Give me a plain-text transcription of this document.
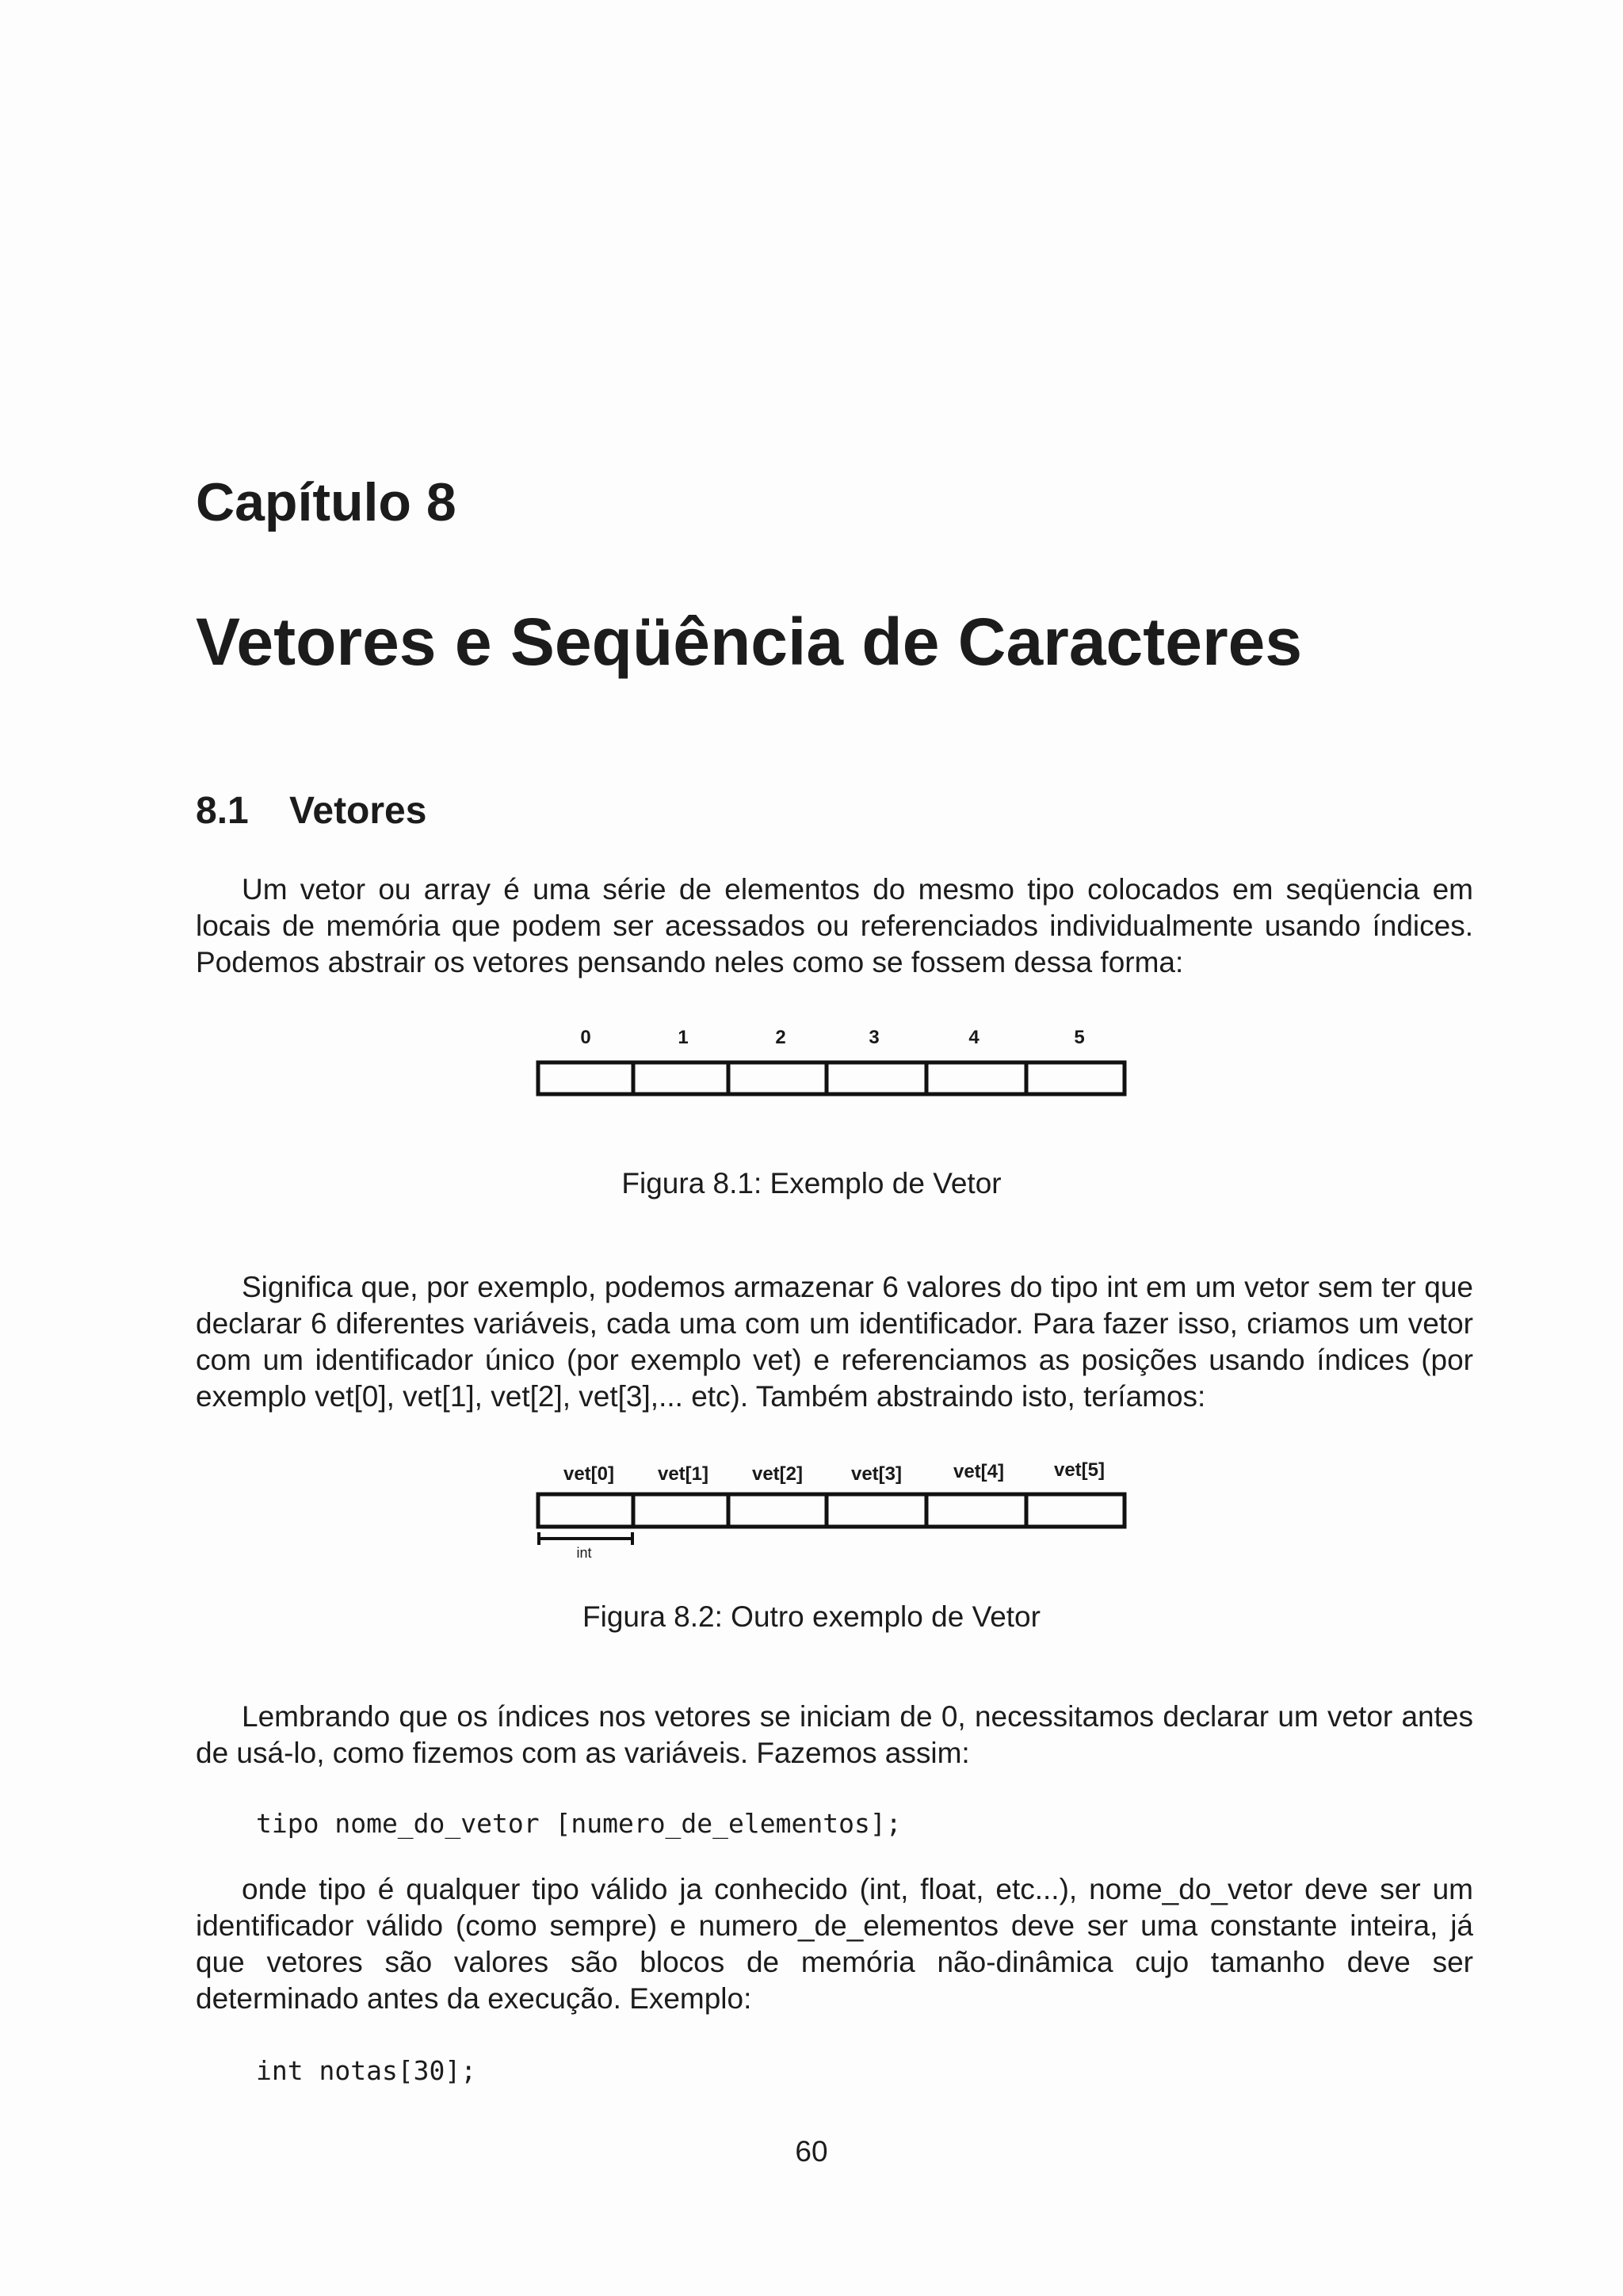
Capítulo 8
Vetores e Seqüência de Caracteres
8.1 Vetores

Um vetor ou array é uma série de elementos do mesmo tipo colocados em seqüencia em locais de memória que podem ser acessados ou referenciados individualmente usando índices. Podemos abstrair os vetores pensando neles como se fossem dessa forma:

0	1	2	3	4	5

Figura 8.1: Exemplo de Vetor

Significa que, por exemplo, podemos armazenar 6 valores do tipo int em um vetor sem ter que declarar 6 diferentes variáveis, cada uma com um identificador. Para fazer isso, criamos um vetor com um identificador único (por exemplo vet) e referenciamos as posições usando índices (por exemplo vet[0], vet[1], vet[2], vet[3],... etc). Também abstraindo isto, teríamos:

vet[0] vet[1] vet[2]	vet[3]	vet[4]	vet[5]
int

Figura 8.2: Outro exemplo de Vetor

Lembrando que os índices nos vetores se iniciam de 0, necessitamos declarar um vetor antes de usá-lo, como fizemos com as variáveis. Fazemos assim:

tipo nome_do_vetor [numero_de_elementos];

onde tipo é qualquer tipo válido ja conhecido (int, float, etc...), nome_do_vetor deve ser um identificador válido (como sempre) e numero_de_elementos deve ser uma constante inteira, já que vetores são valores são blocos de memória não-dinâmica cujo tamanho deve ser determinado antes da execução. Exemplo:

int notas[30];
60
